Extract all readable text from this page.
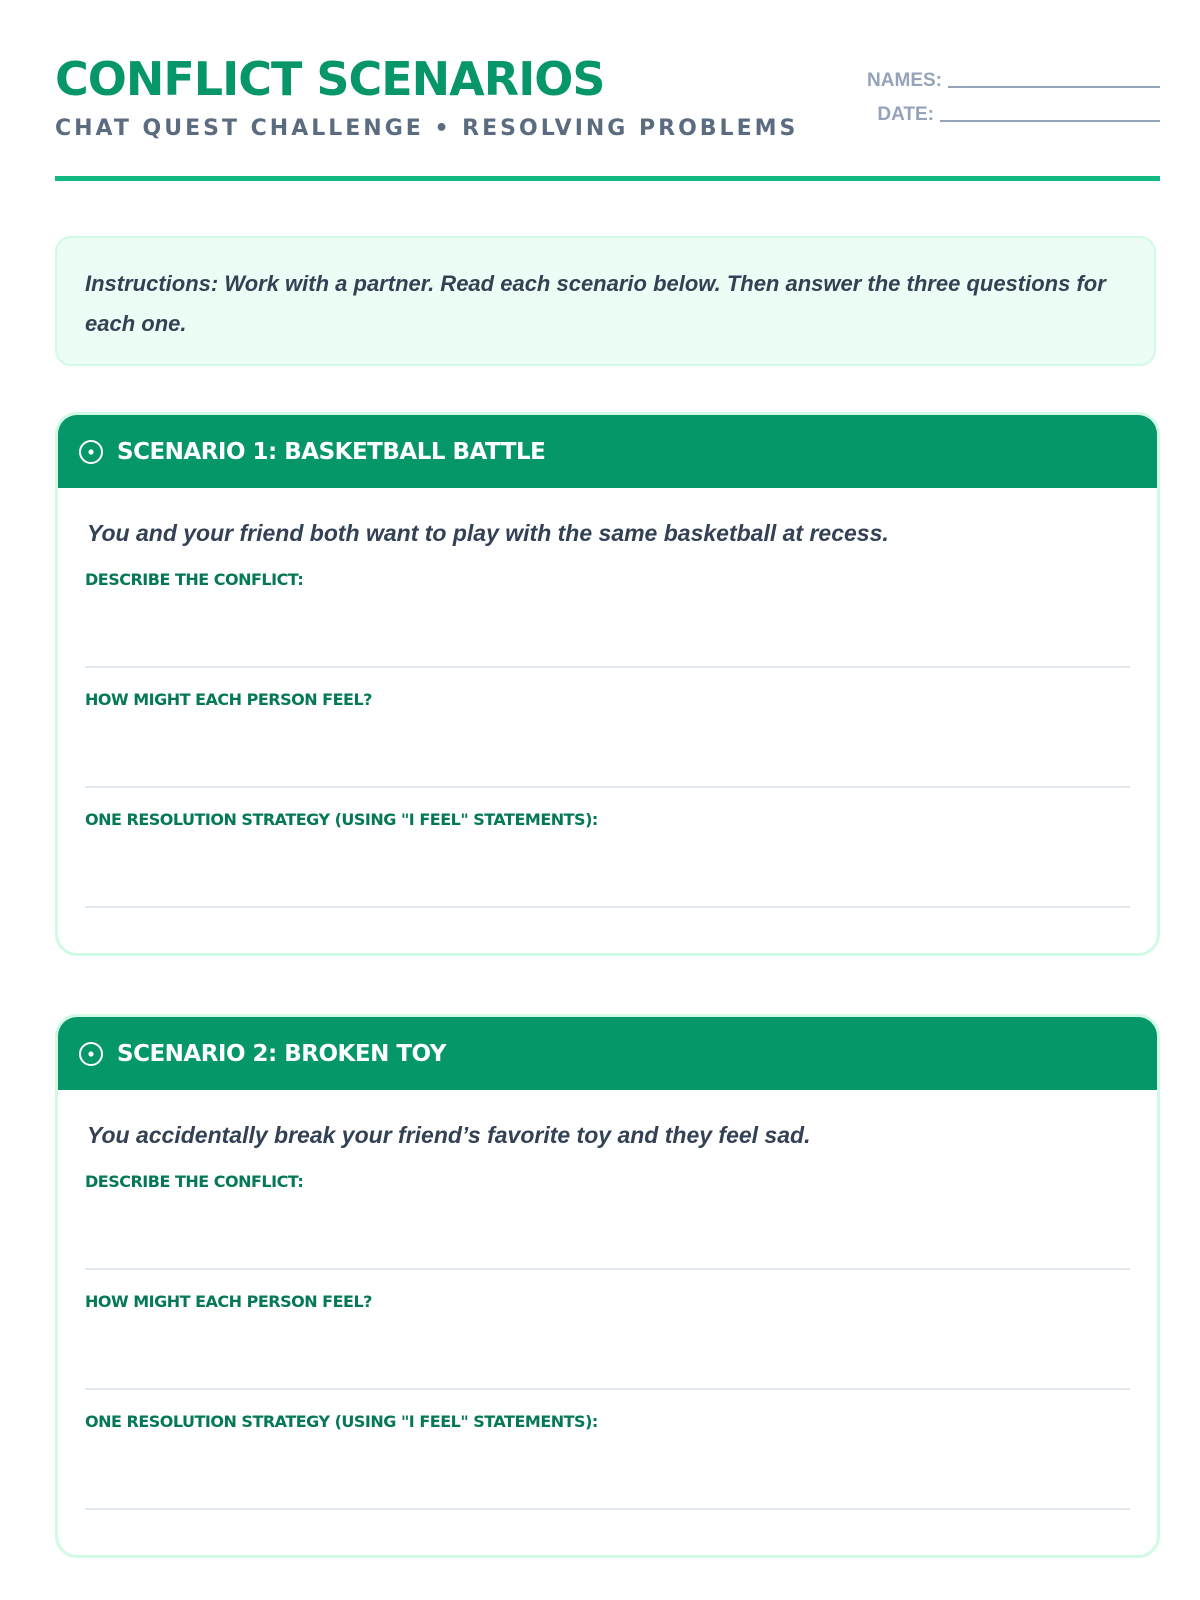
CONFLICT SCENARIOS
CHAT QUEST CHALLENGE • RESOLVING PROBLEMS
NAMES:
DATE:

Instructions: Work with a partner. Read each scenario below. Then answer the three questions for each one.

SCENARIO 1: BASKETBALL BATTLE
You and your friend both want to play with the same basketball at recess.
DESCRIBE THE CONFLICT:
HOW MIGHT EACH PERSON FEEL?
ONE RESOLUTION STRATEGY (USING "I FEEL" STATEMENTS):
SCENARIO 2: BROKEN TOY
You accidentally break your friend’s favorite toy and they feel sad.
DESCRIBE THE CONFLICT:
HOW MIGHT EACH PERSON FEEL?
ONE RESOLUTION STRATEGY (USING "I FEEL" STATEMENTS):
